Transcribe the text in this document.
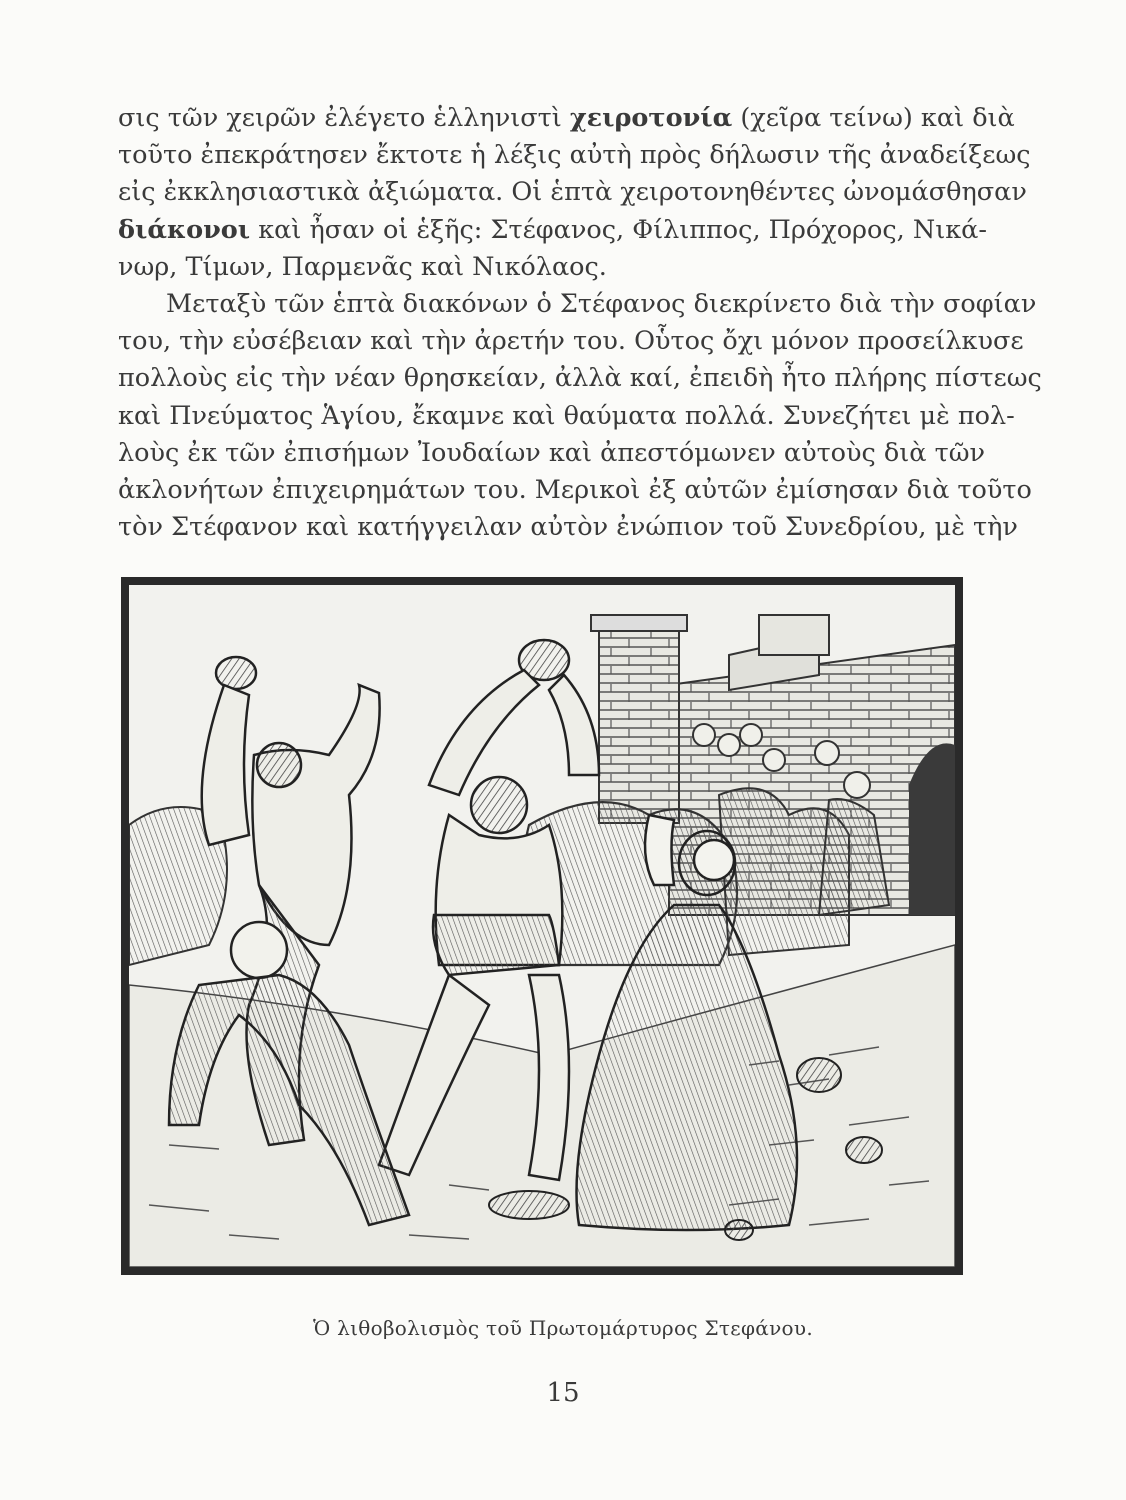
σις τῶν χειρῶν ἐλέγετο ἑλληνιστὶ χειροτονία (χεῖρα τείνω) καὶ διὰ
τοῦτο ἐπεκράτησεν ἔκτοτε ἡ λέξις αὐτὴ πρὸς δήλωσιν τῆς ἀναδείξεως
εἰς ἐκκλησιαστικὰ ἀξιώματα. Οἱ ἑπτὰ χειροτονηθέντες ὠνομάσθησαν
διάκονοι καὶ ἦσαν οἱ ἑξῆς: Στέφανος, Φίλιππος, Πρόχορος, Νικά-
νωρ, Τίμων, Παρμενᾶς καὶ Νικόλαος.

Μεταξὺ τῶν ἑπτὰ διακόνων ὁ Στέφανος διεκρίνετο διὰ τὴν σοφίαν
του, τὴν εὐσέβειαν καὶ τὴν ἀρετήν του. Οὗτος ὄχι μόνον προσείλκυσε
πολλοὺς εἰς τὴν νέαν θρησκείαν, ἀλλὰ καί, ἐπειδὴ ἦτο πλήρης πίστεως
καὶ Πνεύματος Ἁγίου, ἔκαμνε καὶ θαύματα πολλά. Συνεζήτει μὲ πολ-
λοὺς ἐκ τῶν ἐπισήμων Ἰουδαίων καὶ ἀπεστόμωνεν αὐτοὺς διὰ τῶν
ἀκλονήτων ἐπιχειρημάτων του. Μερικοὶ ἐξ αὐτῶν ἐμίσησαν διὰ τοῦτο
τὸν Στέφανον καὶ κατήγγειλαν αὐτὸν ἐνώπιον τοῦ Συνεδρίου, μὲ τὴν

Ὁ λιθοβολισμὸς τοῦ Πρωτομάρτυρος Στεφάνου.
15
